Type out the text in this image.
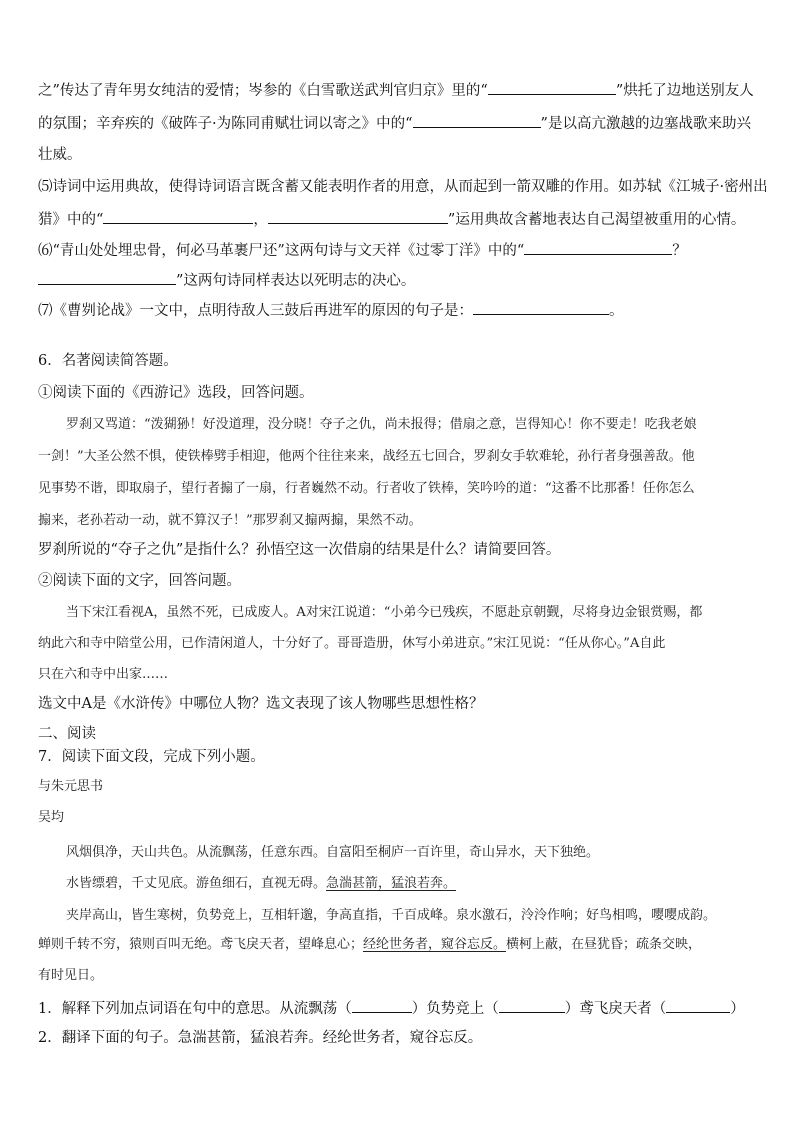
之”传达了青年男女纯洁的爱情；岑参的《白雪歌送武判官归京》里的“	”烘托了边地送别友人
的氛围；辛弃疾的《破阵子·为陈同甫赋壮词以寄之》中的“	”是以高亢激越的边塞战歌来助兴
壮威。
⑸诗词中运用典故，使得诗词语言既含蓄又能表明作者的用意，从而起到一箭双雕的作用。如苏轼《江城子·密州出
猎》中的“	，	”运用典故含蓄地表达自己渴望被重用的心情。
⑹“青山处处埋忠骨，何必马革裹尸还”这两句诗与文天祥《过零丁洋》中的“	？
”这两句诗同样表达以死明志的决心。
⑺《曹刿论战》一文中，点明待敌人三鼓后再进军的原因的句子是：	。
6．名著阅读简答题。
①阅读下面的《西游记》选段，回答问题。
罗刹又骂道：“泼猢狲！好没道理，没分晓！夺子之仇，尚未报得；借扇之意，岂得知心！你不要走！吃我老娘
一剑！”大圣公然不惧，使铁棒劈手相迎，他两个往往来来，战经五七回合，罗刹女手软难轮，孙行者身强善敌。他
见事势不谐，即取扇子，望行者搧了一扇，行者巍然不动。行者收了铁棒，笑吟吟的道：“这番不比那番！任你怎么
搧来，老孙若动一动，就不算汉子！”那罗刹又搧两搧，果然不动。
罗刹所说的“夺子之仇”是指什么？孙悟空这一次借扇的结果是什么？请简要回答。
②阅读下面的文字，回答问题。
当下宋江看视A，虽然不死，已成废人。A对宋江说道：“小弟今已残疾，不愿赴京朝觐，尽将身边金银赏赐，都
纳此六和寺中陪堂公用，已作清闲道人，十分好了。哥哥造册，休写小弟进京。”宋江见说：“任从你心。”A自此
只在六和寺中出家……
选文中A是《水浒传》中哪位人物？选文表现了该人物哪些思想性格？
二、阅读
7．阅读下面文段，完成下列小题。
与朱元思书
吴均
风烟俱净，天山共色。从流飘荡，任意东西。自富阳至桐庐一百许里，奇山异水，天下独绝。
水皆缥碧，千丈见底。游鱼细石，直视无碍。急湍甚箭，猛浪若奔。
夹岸高山，皆生寒树，负势竞上，互相轩邈，争高直指，千百成峰。泉水激石，泠泠作响；好鸟相鸣，嘤嘤成韵。
蝉则千转不穷，猿则百叫无绝。鸢飞戾天者，望峰息心；经纶世务者，窥谷忘反。横柯上蔽，在昼犹昏；疏条交映，
有时见日。
1．解释下列加点词语在句中的意思。从流飘荡（	）负势竞上（	）鸢飞戾天者（	）
2．翻译下面的句子。急湍甚箭，猛浪若奔。经纶世务者，窥谷忘反。
